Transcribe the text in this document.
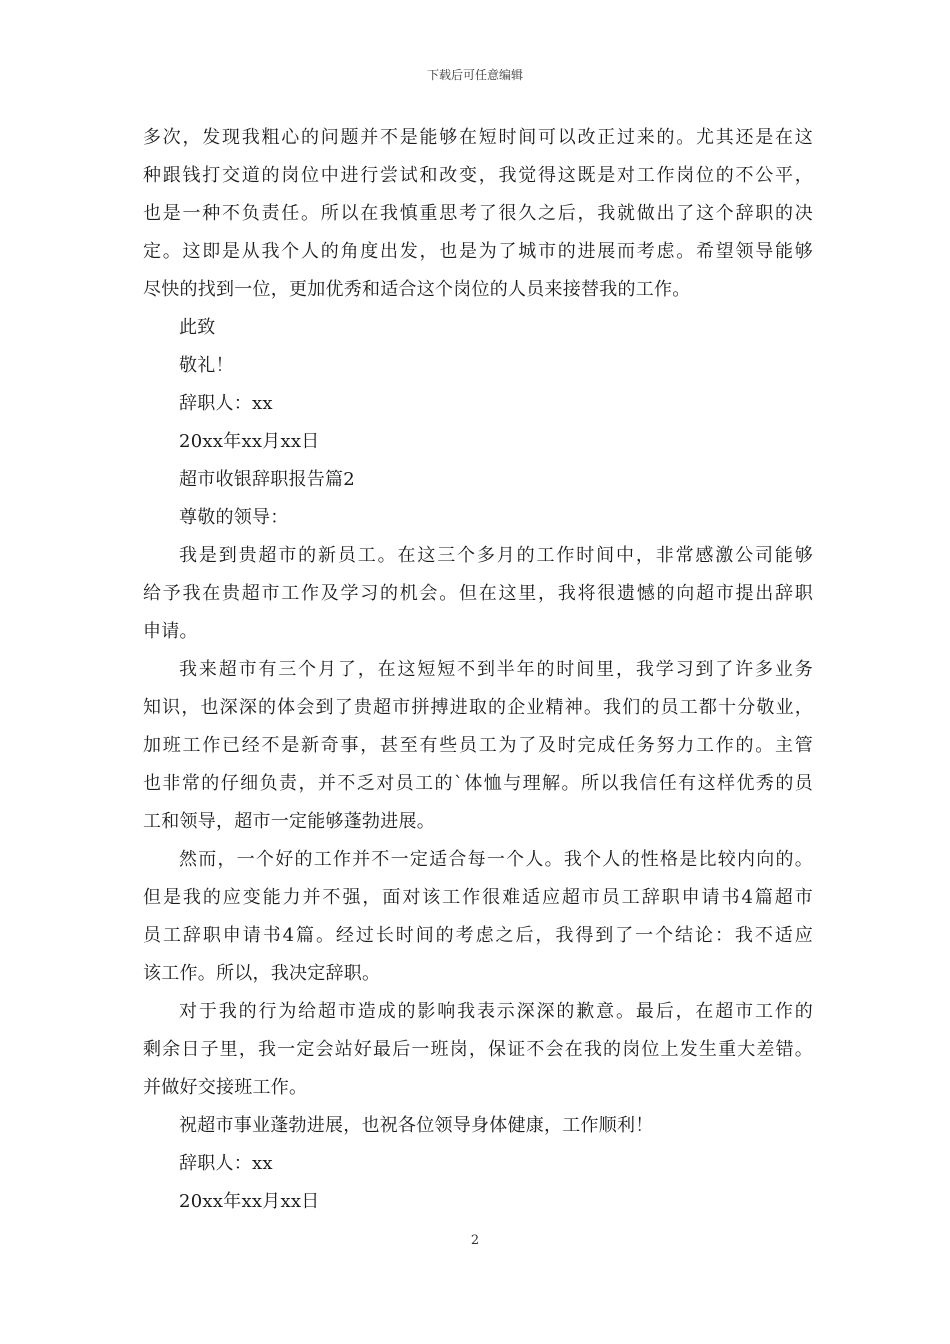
下载后可任意编辑
多次，发现我粗心的问题并不是能够在短时间可以改正过来的。尤其还是在这
种跟钱打交道的岗位中进行尝试和改变，我觉得这既是对工作岗位的不公平，
也是一种不负责任。所以在我慎重思考了很久之后，我就做出了这个辞职的决
定。这即是从我个人的角度出发，也是为了城市的进展而考虑。希望领导能够
尽快的找到一位，更加优秀和适合这个岗位的人员来接替我的工作。
此致
敬礼！
辞职人：xx
20xx年xx月xx日
超市收银辞职报告篇2
尊敬的领导：
我是到贵超市的新员工。在这三个多月的工作时间中，非常感激公司能够
给予我在贵超市工作及学习的机会。但在这里，我将很遗憾的向超市提出辞职
申请。
我来超市有三个月了，在这短短不到半年的时间里，我学习到了许多业务
知识，也深深的体会到了贵超市拼搏进取的企业精神。我们的员工都十分敬业，
加班工作已经不是新奇事，甚至有些员工为了及时完成任务努力工作的。主管
也非常的仔细负责，并不乏对员工的`体恤与理解。所以我信任有这样优秀的员
工和领导，超市一定能够蓬勃进展。
然而，一个好的工作并不一定适合每一个人。我个人的性格是比较内向的。
但是我的应变能力并不强，面对该工作很难适应超市员工辞职申请书4篇超市
员工辞职申请书4篇。经过长时间的考虑之后，我得到了一个结论：我不适应
该工作。所以，我决定辞职。
对于我的行为给超市造成的影响我表示深深的歉意。最后，在超市工作的
剩余日子里，我一定会站好最后一班岗，保证不会在我的岗位上发生重大差错。
并做好交接班工作。
祝超市事业蓬勃进展，也祝各位领导身体健康，工作顺利！
辞职人：xx
20xx年xx月xx日
2
